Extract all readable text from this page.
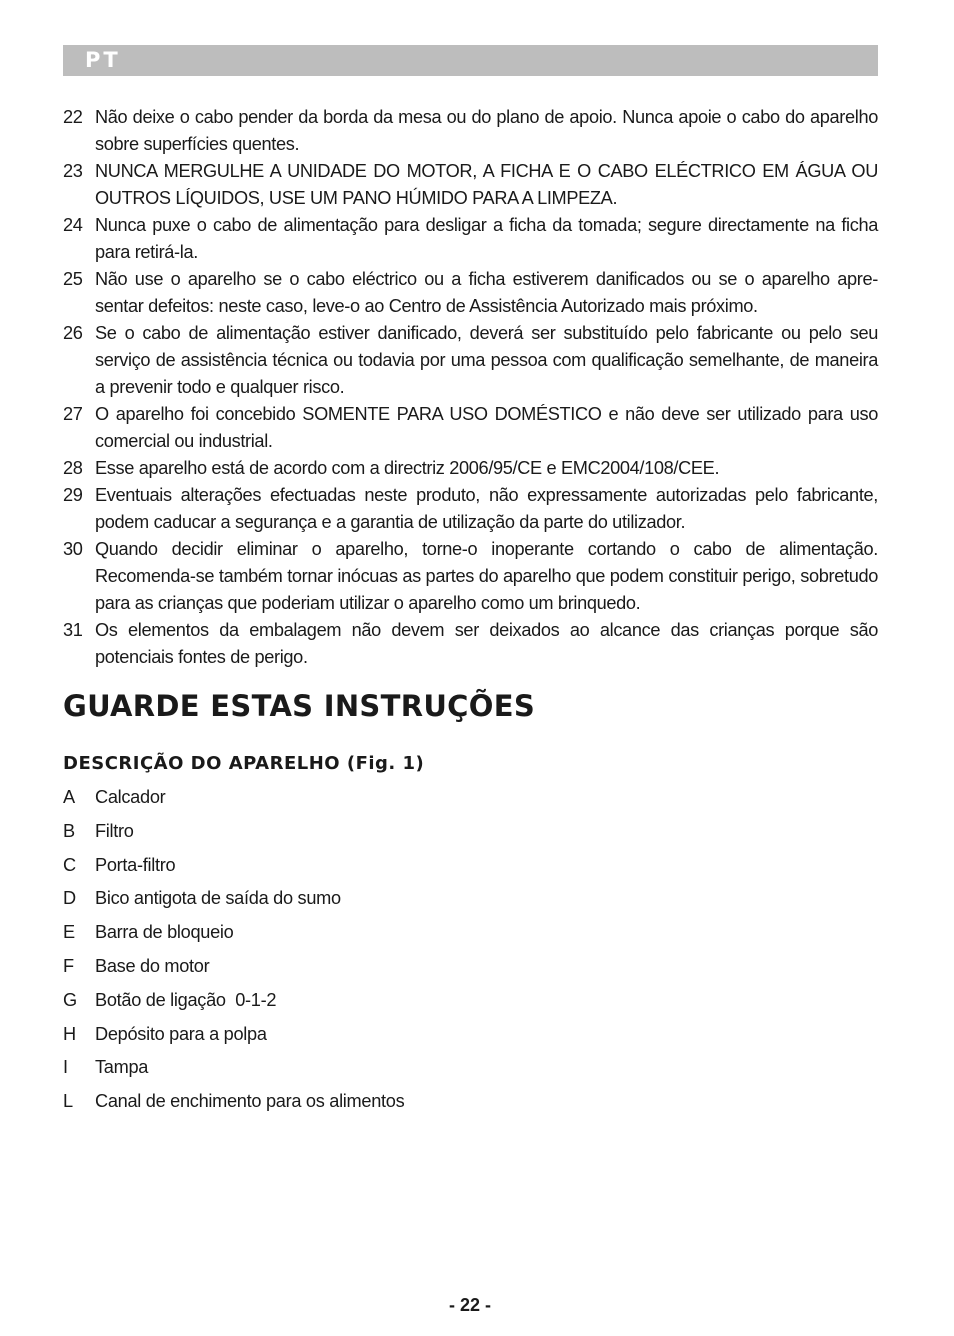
PT
22 Não deixe o cabo pender da borda da mesa ou do plano de apoio. Nunca apoie o cabo do aparelho sobre superfícies quentes.
23 NUNCA MERGULHE A UNIDADE DO MOTOR, A FICHA E O CABO ELÉCTRICO EM ÁGUA OU OUTROS LÍQUIDOS, USE UM PANO HÚMIDO PARA A LIMPEZA.
24 Nunca puxe o cabo de alimentação para desligar a ficha da tomada; segure directamente na ficha para retirá-la.
25 Não use o aparelho se o cabo eléctrico ou a ficha estiverem danificados ou se o aparelho apre-sentar defeitos: neste caso, leve-o ao Centro de Assistência Autorizado mais próximo.
26 Se o cabo de alimentação estiver danificado, deverá ser substituído pelo fabricante ou pelo seu serviço de assistência técnica ou todavia por uma pessoa com qualificação semelhante, de maneira a prevenir todo e qualquer risco.
27 O aparelho foi concebido SOMENTE PARA USO DOMÉSTICO e não deve ser utilizado para uso comercial ou industrial.
28 Esse aparelho está de acordo com a directriz 2006/95/CE e EMC2004/108/CEE.
29 Eventuais alterações efectuadas neste produto, não expressamente autorizadas pelo fabricante, podem caducar a segurança e a garantia de utilização da parte do utilizador.
30 Quando decidir eliminar o aparelho, torne-o inoperante cortando o cabo de alimentação. Recomenda-se também tornar inócuas as partes do aparelho que podem constituir perigo, sobretudo para as crianças que poderiam utilizar o aparelho como um brinquedo.
31 Os elementos da embalagem não devem ser deixados ao alcance das crianças porque são potenciais fontes de perigo.
GUARDE ESTAS INSTRUÇÕES
DESCRIÇÃO DO APARELHO (Fig. 1)
A	Calcador
B	Filtro
C	Porta-filtro
D	Bico antigota de saída do sumo
E	Barra de bloqueio
F	Base do motor
G Botão de ligação  0-1-2
H	Depósito para a polpa
I	Tampa
L	Canal de enchimento para os alimentos
- 22 -
